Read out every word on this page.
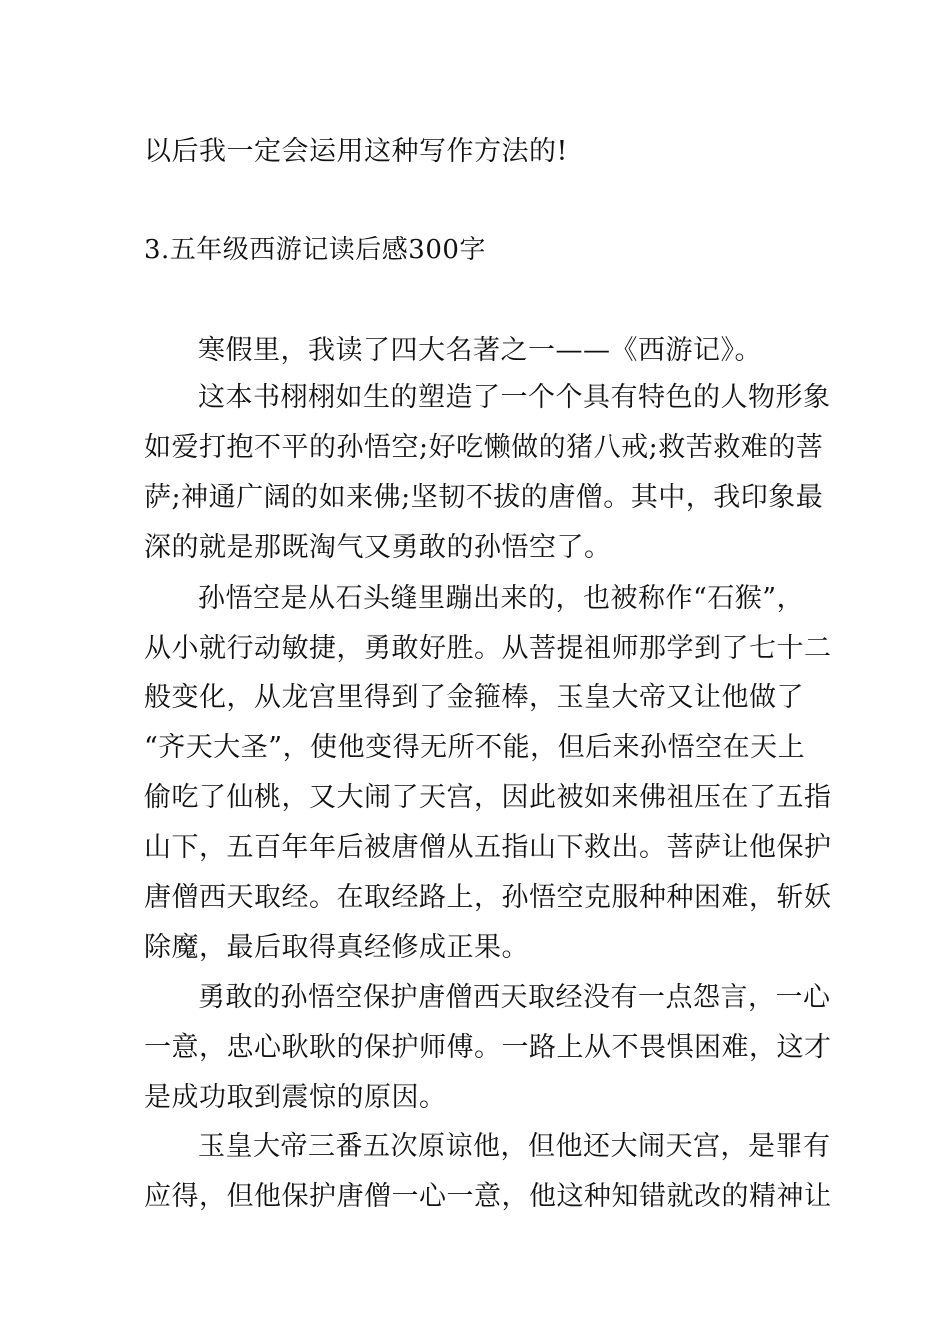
以后我一定会运用这种写作方法的!
3.五年级西游记读后感300字
寒假里，我读了四大名著之一——《西游记》。
这本书栩栩如生的塑造了一个个具有特色的人物形象
如爱打抱不平的孙悟空;好吃懒做的猪八戒;救苦救难的菩
萨;神通广阔的如来佛;坚韧不拔的唐僧。其中，我印象最
深的就是那既淘气又勇敢的孙悟空了。
孙悟空是从石头缝里蹦出来的，也被称作“石猴”，
从小就行动敏捷，勇敢好胜。从菩提祖师那学到了七十二
般变化，从龙宫里得到了金箍棒，玉皇大帝又让他做了
“齐天大圣”，使他变得无所不能，但后来孙悟空在天上
偷吃了仙桃，又大闹了天宫，因此被如来佛祖压在了五指
山下，五百年年后被唐僧从五指山下救出。菩萨让他保护
唐僧西天取经。在取经路上，孙悟空克服种种困难，斩妖
除魔，最后取得真经修成正果。
勇敢的孙悟空保护唐僧西天取经没有一点怨言，一心
一意，忠心耿耿的保护师傅。一路上从不畏惧困难，这才
是成功取到震惊的原因。
玉皇大帝三番五次原谅他，但他还大闹天宫，是罪有
应得，但他保护唐僧一心一意，他这种知错就改的精神让
